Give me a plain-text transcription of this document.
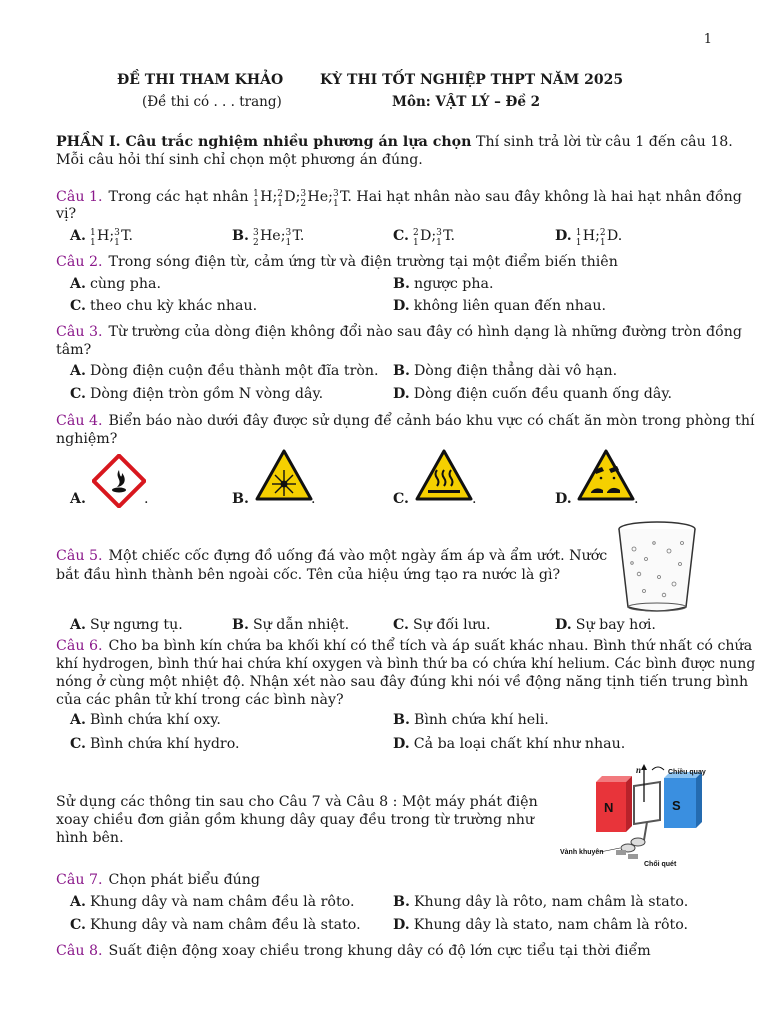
1
ĐỀ THI THAM KHẢO	KỲ THI TỐT NGHIỆP THPT NĂM 2025
(Đề thi có . . . trang)	Môn: VẬT LÝ – Đề 2
PHẦN I. Câu trắc nghiệm nhiều phương án lựa chọn Thí sinh trả lời từ câu 1 đến câu 18.
Mỗi câu hỏi thí sinh chỉ chọn một phương án đúng.
Câu 1. Trong các hạt nhân 1
1 H; 2
1 D; 3
2 He; 3
1 T. Hai hạt nhân nào sau đây không là hai hạt nhân đồng
vị?
A. 1
1 H; 3
1 T.	B. 3
2 He; 3
1 T.	C. 2
1 D; 3
1 T.	D. 1
1 H; 2
1 D.
Câu 2. Trong sóng điện từ, cảm ứng từ và điện trường tại một điểm biến thiên
A. cùng pha.	B. ngược pha.
C. theo chu kỳ khác nhau.	D. không liên quan đến nhau.
Câu 3. Từ trường của dòng điện không đổi nào sau đây có hình dạng là những đường tròn đồng
tâm?
A. Dòng điện cuộn đều thành một đĩa tròn. B. Dòng điện thẳng dài vô hạn.
C. Dòng điện tròn gồm N vòng dây.	D. Dòng điện cuốn đều quanh ống dây.
Câu 4. Biển báo nào dưới đây được sử dụng để cảnh báo khu vực có chất ăn mòn trong phòng thí
nghiệm?
A.	.	B.	.	C.	.	D.	.
Câu 5. Một chiếc cốc đựng đồ uống đá vào một ngày ấm áp và ẩm ướt. Nước
bắt đầu hình thành bên ngoài cốc. Tên của hiệu ứng tạo ra nước là gì?
A. Sự ngưng tụ.	B. Sự dẫn nhiệt.	C. Sự đối lưu.	D. Sự bay hơi.
Câu 6. Cho ba bình kín chứa ba khối khí có thể tích và áp suất khác nhau. Bình thứ nhất có chứa
khí hydrogen, bình thứ hai chứa khí oxygen và bình thứ ba có chứa khí helium. Các bình được nung
nóng ở cùng một nhiệt độ. Nhận xét nào sau đây đúng khi nói về động năng tịnh tiến trung bình
của các phân tử khí trong các bình này?
A. Bình chứa khí oxy.	B. Bình chứa khí heli.
C. Bình chứa khí hydro.	D. Cả ba loại chất khí như nhau.
Sử dụng các thông tin sau cho Câu 7 và Câu 8 : Một máy phát điện
xoay chiều đơn giản gồm khung dây quay đều trong từ trường như
hình bên.
N	S
n	Chiều quay
Vành khuyên
Chổi quét
Câu 7. Chọn phát biểu đúng
A. Khung dây và nam châm đều là rôto.	B. Khung dây là rôto, nam châm là stato.
C. Khung dây và nam châm đều là stato. D. Khung dây là stato, nam châm là rôto.
Câu 8. Suất điện động xoay chiều trong khung dây có độ lớn cực tiểu tại thời điểm
